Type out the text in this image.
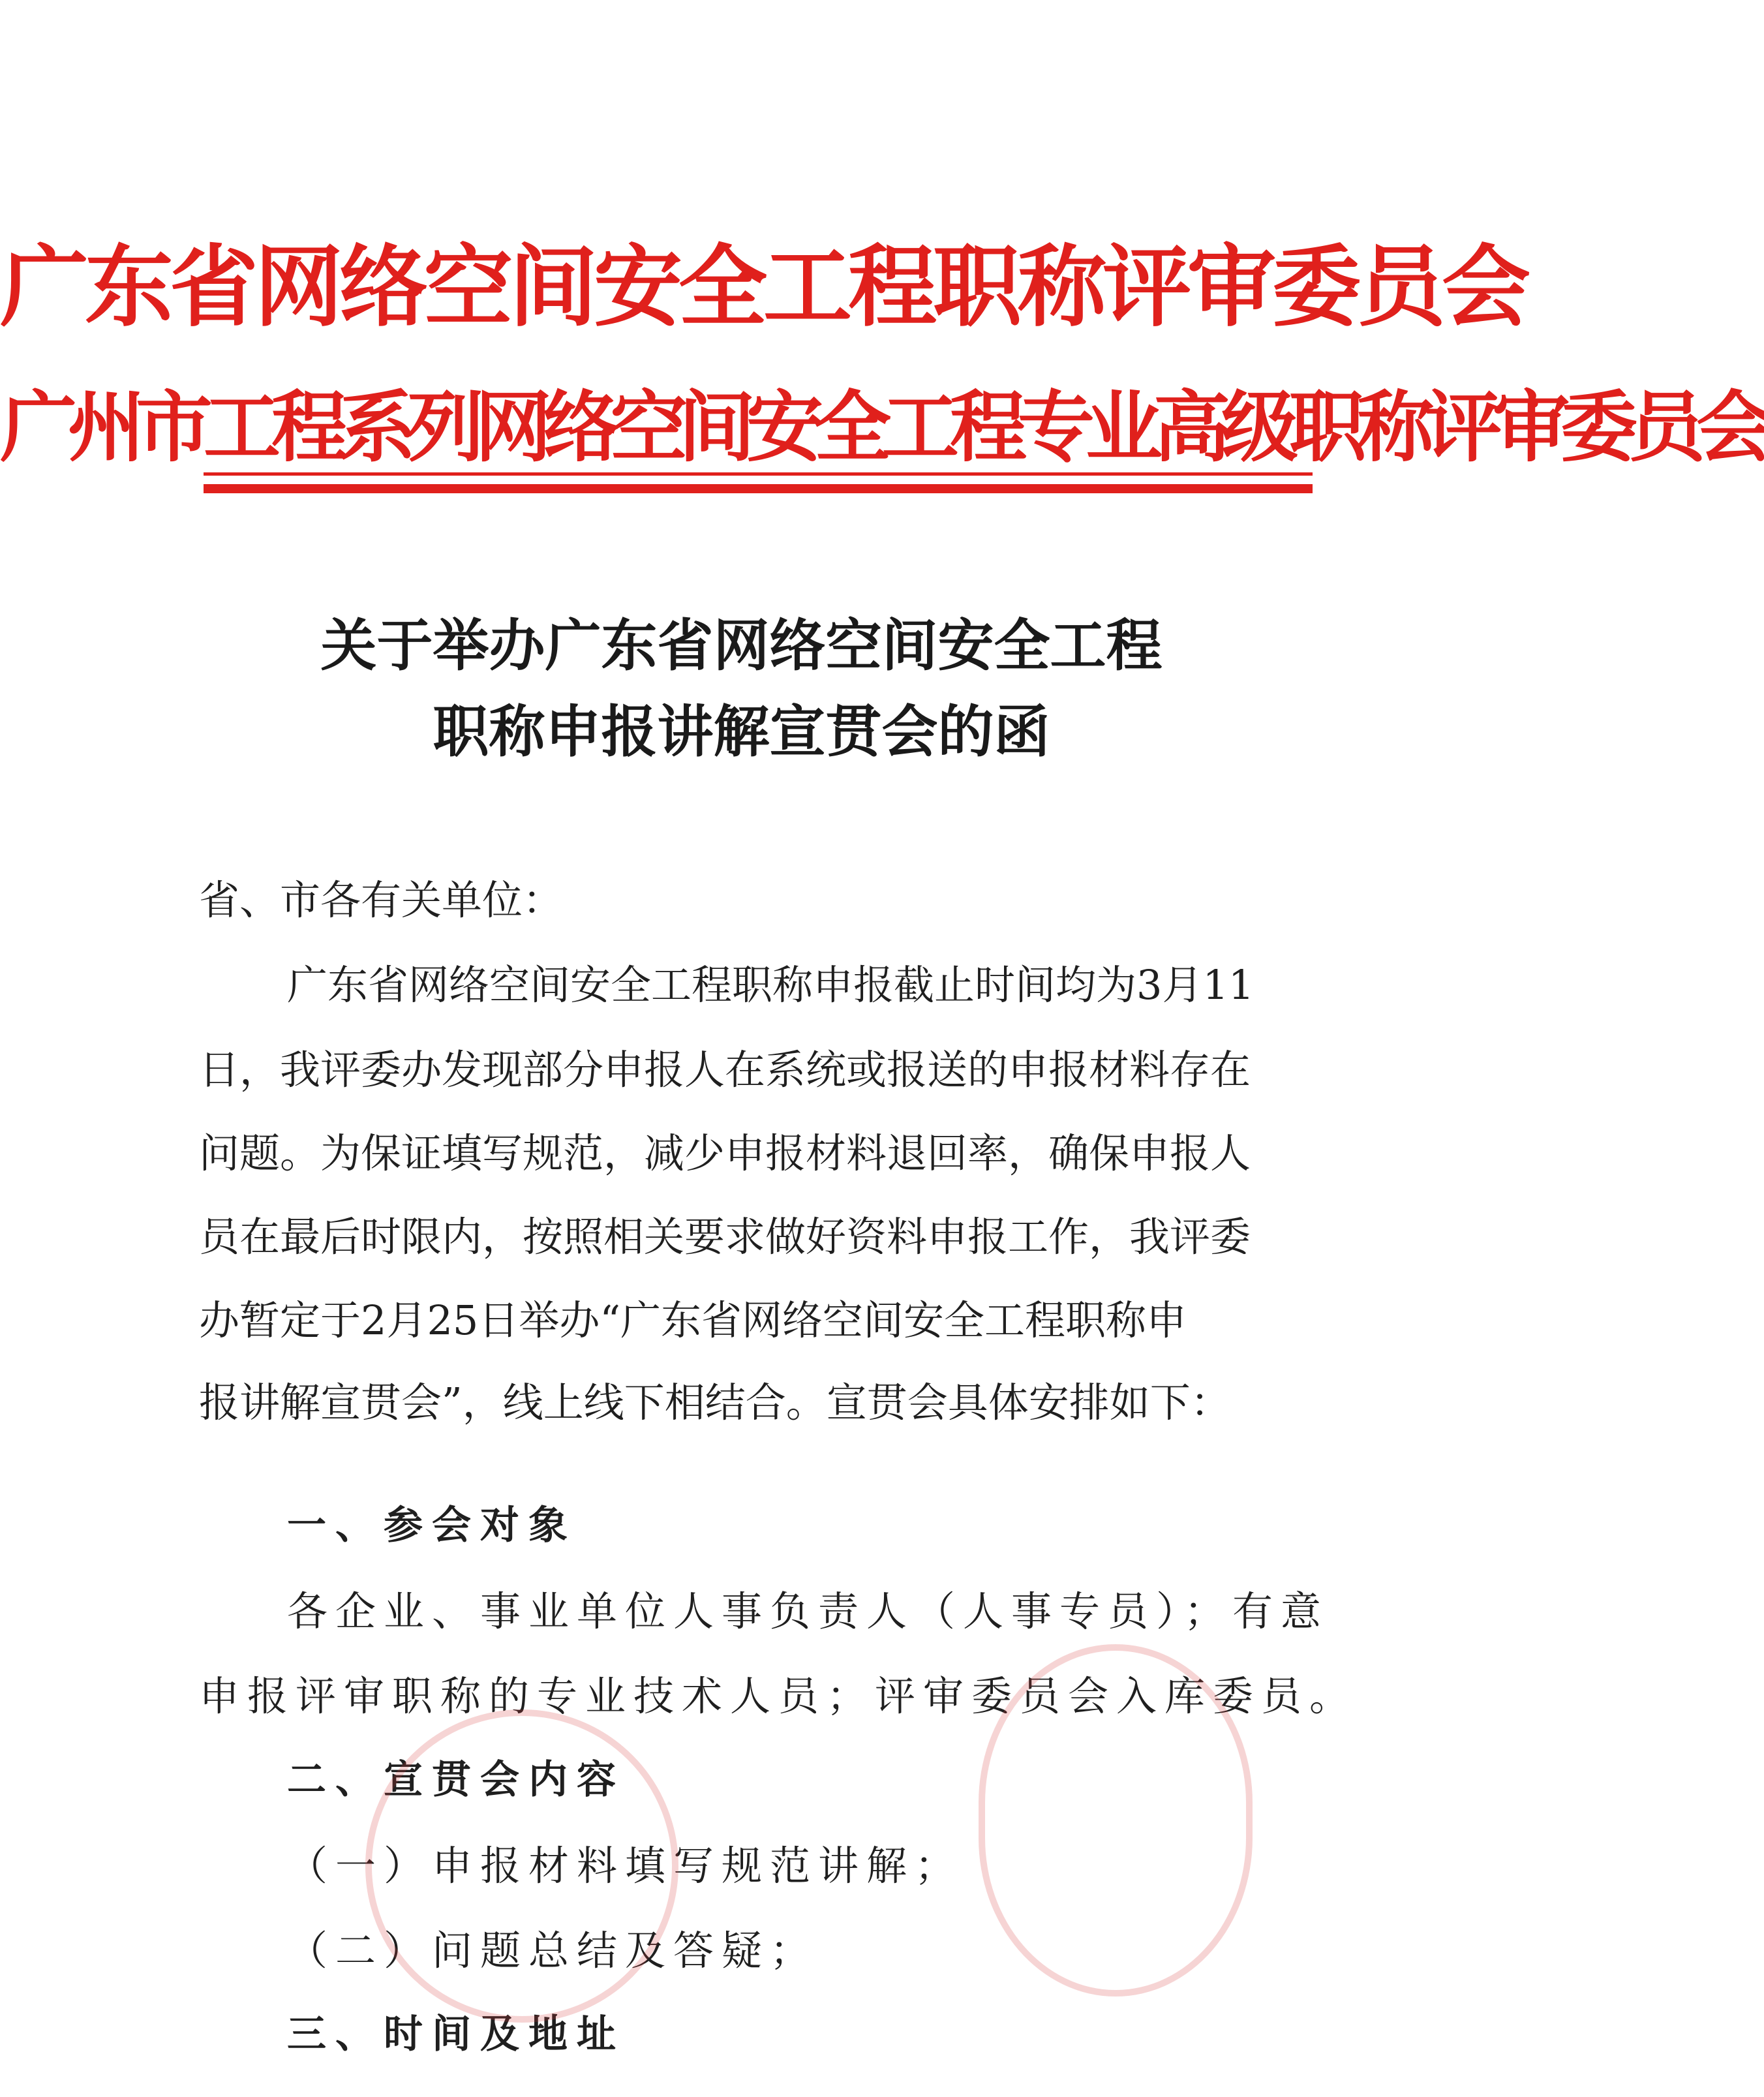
广东省网络空间安全工程职称评审委员会
广州市工程系列网络空间安全工程专业高级职称评审委员会
关于举办广东省网络空间安全工程
职称申报讲解宣贯会的函
省、市各有关单位：
广东省网络空间安全工程职称申报截止时间均为3月11
日，我评委办发现部分申报人在系统或报送的申报材料存在
问题。为保证填写规范，减少申报材料退回率，确保申报人
员在最后时限内，按照相关要求做好资料申报工作，我评委
办暂定于2月25日举办“广东省网络空间安全工程职称申
报讲解宣贯会”，线上线下相结合。宣贯会具体安排如下：
一、参会对象
各企业、事业单位人事负责人（人事专员）；有意
申报评审职称的专业技术人员；评审委员会入库委员。
二、宣贯会内容
（一）申报材料填写规范讲解；
（二）问题总结及答疑；
三、时间及地址
